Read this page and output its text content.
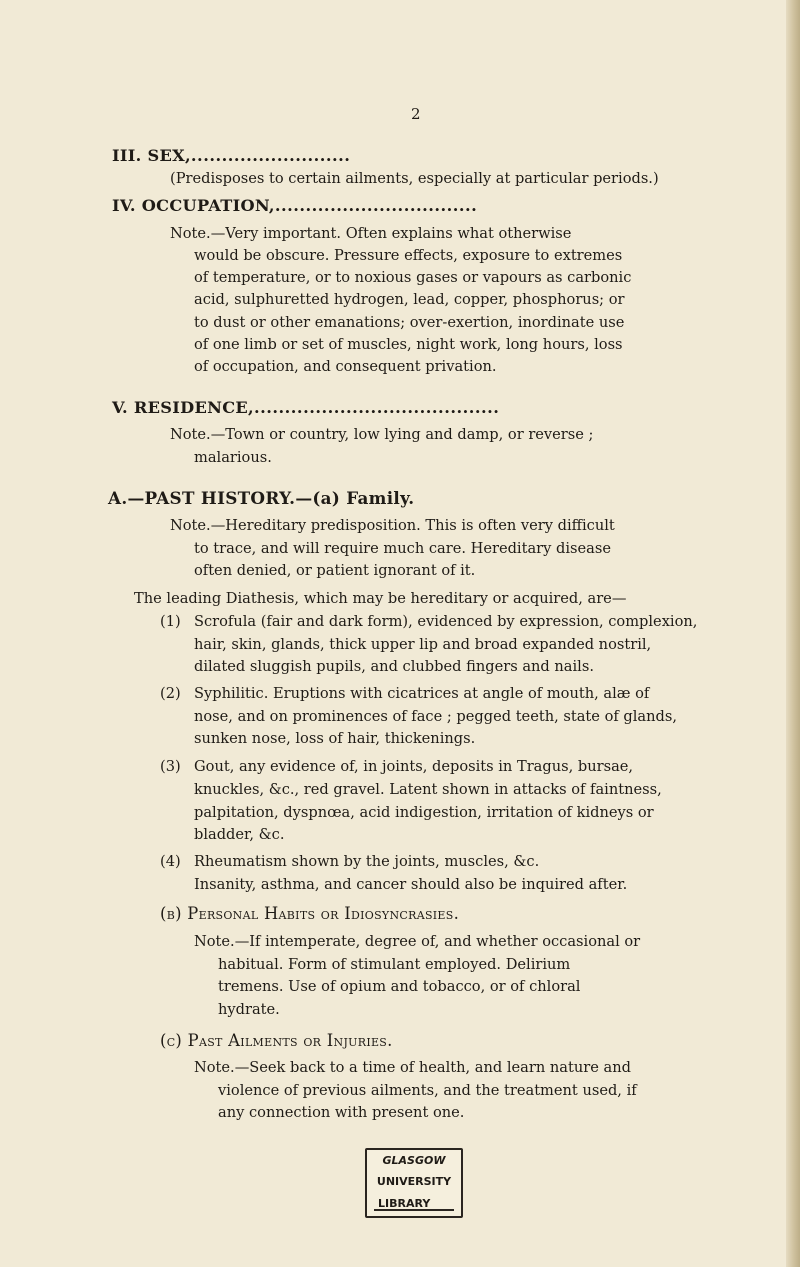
2
III. SEX,..........................
(Predisposes to certain ailments, especially at particular periods.)
IV. OCCUPATION,.................................
Note.—Very important. Often explains what otherwise
would be obscure. Pressure effects, exposure to extremes
of temperature, or to noxious gases or vapours as carbonic
acid, sulphuretted hydrogen, lead, copper, phosphorus; or
to dust or other emanations; over-exertion, inordinate use
of one limb or set of muscles, night work, long hours, loss
of occupation, and consequent privation.
V. RESIDENCE,........................................
Note.—Town or country, low lying and damp, or reverse ;
malarious.
A.—PAST HISTORY.—(a) Family.
Note.—Hereditary predisposition. This is often very difficult
to trace, and will require much care. Hereditary disease
often denied, or patient ignorant of it.
The leading Diathesis, which may be hereditary or acquired, are—
(1) Scrofula (fair and dark form), evidenced by expression, complexion,
hair, skin, glands, thick upper lip and broad expanded nostril,
dilated sluggish pupils, and clubbed fingers and nails.
(2) Syphilitic. Eruptions with cicatrices at angle of mouth, alæ of
nose, and on prominences of face ; pegged teeth, state of glands,
sunken nose, loss of hair, thickenings.
(3) Gout, any evidence of, in joints, deposits in Tragus, bursae,
knuckles, &c., red gravel. Latent shown in attacks of faintness,
palpitation, dyspnœa, acid indigestion, irritation of kidneys or
bladder, &c.
(4) Rheumatism shown by the joints, muscles, &c.
Insanity, asthma, and cancer should also be inquired after.
(b) Personal Habits or Idiosyncrasies.
Note.—If intemperate, degree of, and whether occasional or
habitual. Form of stimulant employed. Delirium
tremens. Use of opium and tobacco, or of chloral
hydrate.
(c) Past Ailments or Injuries.
Note.—Seek back to a time of health, and learn nature and
violence of previous ailments, and the treatment used, if
any connection with present one.
GLASGOW
UNIVERSITY
LIBRARY
